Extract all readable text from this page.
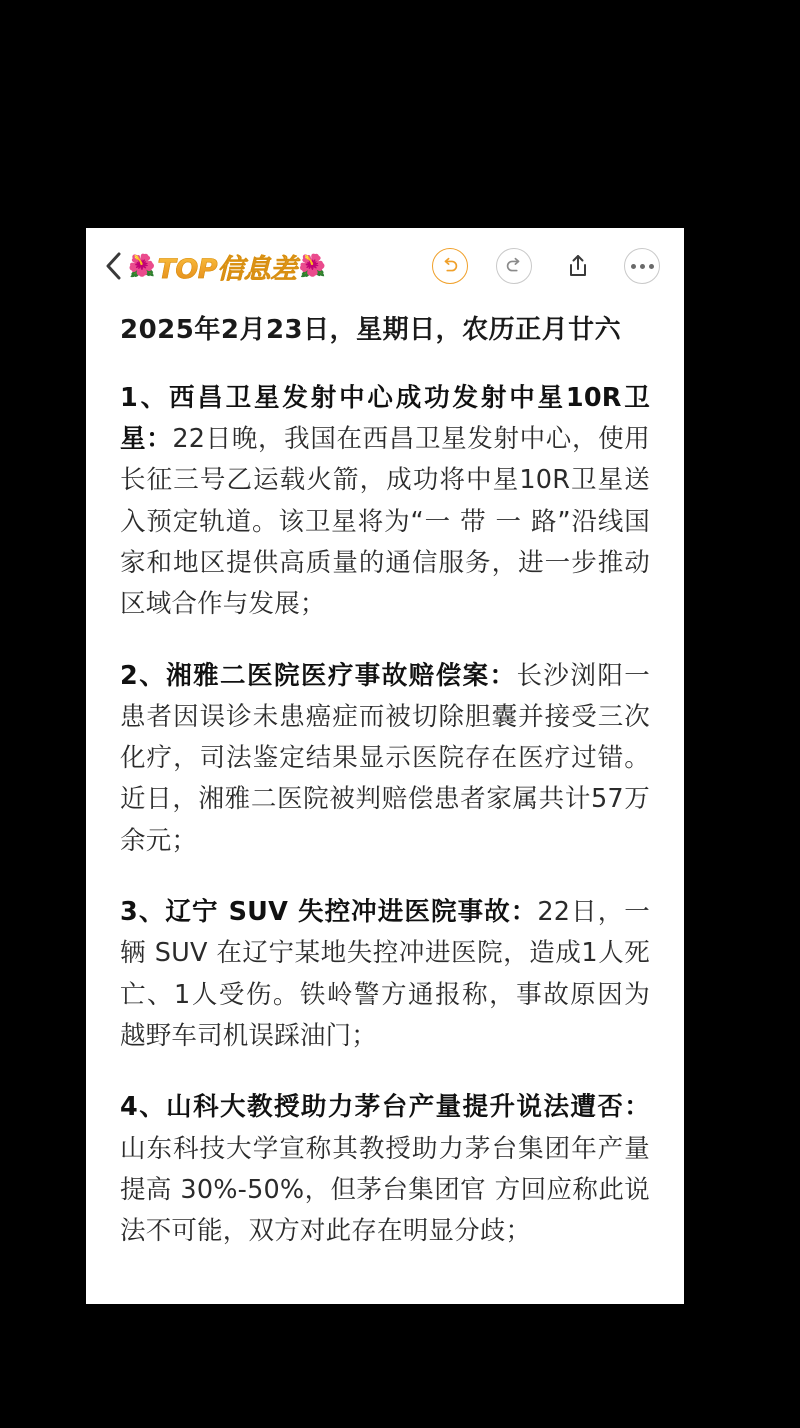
🌺 TOP信息差 🌺
2025年2月23日，星期日，农历正月廿六

1、西昌卫星发射中心成功发射中星10R卫星：22日晚，我国在西昌卫星发射中心，使用长征三号乙运载火箭，成功将中星10R卫星送入预定轨道。该卫星将为“一 带 一 路”沿线国家和地区提供高质量的通信服务，进一步推动区域合作与发展；

2、湘雅二医院医疗事故赔偿案：长沙浏阳一患者因误诊未患癌症而被切除胆囊并接受三次化疗，司法鉴定结果显示医院存在医疗过错。近日，湘雅二医院被判赔偿患者家属共计57万余元；

3、辽宁 SUV 失控冲进医院事故：22日，一辆 SUV 在辽宁某地失控冲进医院，造成1人死亡、1人受伤。铁岭警方通报称，事故原因为越野车司机误踩油门；

4、山科大教授助力茅台产量提升说法遭否：山东科技大学宣称其教授助力茅台集团年产量提高 30%-50%，但茅台集团官 方回应称此说法不可能，双方对此存在明显分歧；
